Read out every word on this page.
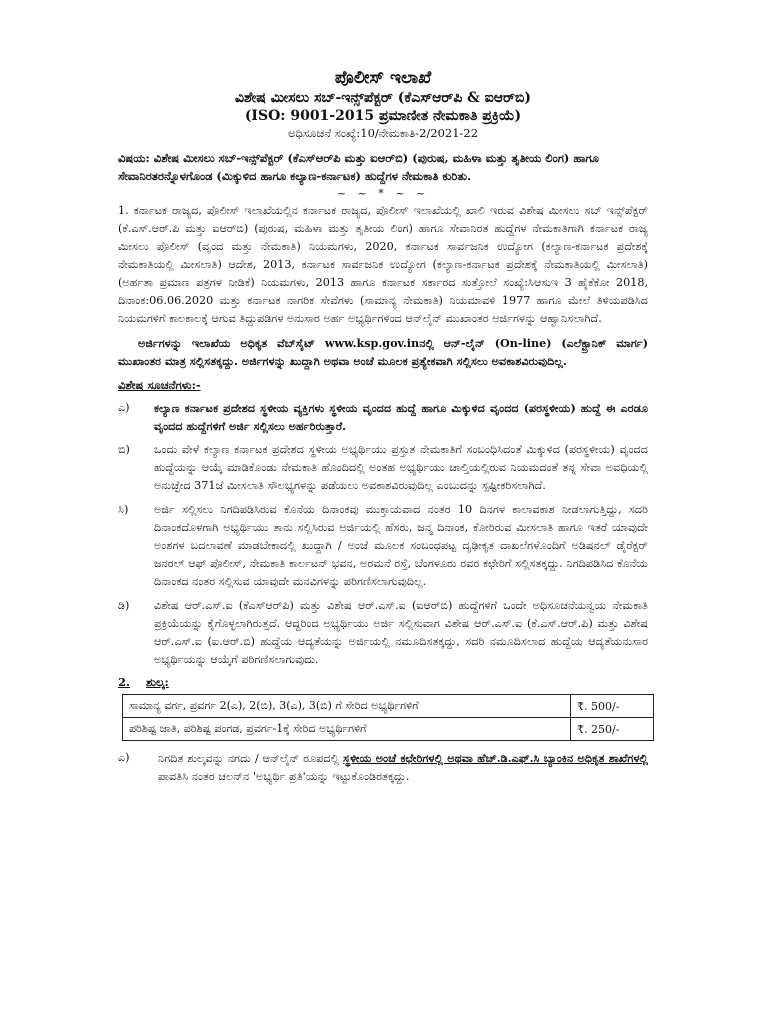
ಪೊಲೀಸ್ ಇಲಾಖೆ
ವಿಶೇಷ ಮೀಸಲು ಸಬ್-ಇನ್ಸ್‌ಪೆಕ್ಟರ್ (ಕೆಎಸ್‌ಆರ್‌ಪಿ & ಐಆರ್‌ಬಿ)
(ISO: 9001-2015 ಪ್ರಮಾಣೀತ ನೇಮಕಾತಿ ಪ್ರಕ್ರಿಯೆ)
ಅಧಿಸೂಚನೆ ಸಂಖ್ಯೆ:10/ನೇಮಕಾತಿ-2/2021-22

ವಿಷಯ: ವಿಶೇಷ ಮೀಸಲು ಸಬ್-ಇನ್ಸ್‌ಪೆಕ್ಟರ್ (ಕೆಎಸ್‌ಆರ್‌ಪಿ ಮತ್ತು ಐಆರ್‌ಬಿ) (ಪುರುಷ, ಮಹಿಳಾ ಮತ್ತು ತೃತೀಯ ಲಿಂಗ) ಹಾಗೂ ಸೇವಾನಿರತರನ್ನೊಳಗೊಂಡ (ಮಿಕ್ಕುಳಿದ ಹಾಗೂ ಕಲ್ಯಾಣ-ಕರ್ನಾಟಕ) ಹುದ್ದೆಗಳ ನೇಮಕಾತಿ ಕುರಿತು.

~ ~ * ~ ~

1. ಕರ್ನಾಟಕ ರಾಜ್ಯದ, ಪೊಲೀಸ್ ಇಲಾಖೆಯಲ್ಲಿನ ಕರ್ನಾಟಕ ರಾಜ್ಯದ, ಪೊಲೀಸ್ ಇಲಾಖೆಯಲ್ಲಿ ಖಾಲಿ ಇರುವ ವಿಶೇಷ ಮೀಸಲು ಸಬ್ ಇನ್ಸ್‌ಪೆಕ್ಟರ್ (ಕೆ.ಎಸ್.ಆರ್.ಪಿ ಮತ್ತು ಐಆರ್‌ಬಿ) (ಪುರುಷ, ಮಹಿಳಾ ಮತ್ತು ತೃತೀಯ ಲಿಂಗ) ಹಾಗೂ ಸೇವಾನಿರತ ಹುದ್ದೆಗಳ ನೇಮಕಾತಿಗಾಗಿ ಕರ್ನಾಟಕ ರಾಜ್ಯ ಮೀಸಲು ಪೊಲೀಸ್ (ವೃಂದ ಮತ್ತು ನೇಮಕಾತಿ) ನಿಯಮಗಳು, 2020, ಕರ್ನಾಟಕ ಸಾರ್ವಜನಿಕ ಉದ್ಯೋಗ (ಕಲ್ಯಾಣ-ಕರ್ನಾಟಕ ಪ್ರದೇಶಕ್ಕೆ ನೇಮಕಾತಿಯಲ್ಲಿ ಮೀಸಲಾತಿ) ಆದೇಶ, 2013, ಕರ್ನಾಟಕ ಸಾರ್ವಜನಿಕ ಉದ್ಯೋಗ (ಕಲ್ಯಾಣ-ಕರ್ನಾಟಕ ಪ್ರದೇಶಕ್ಕೆ ನೇಮಕಾತಿಯಲ್ಲಿ ಮೀಸಲಾತಿ) (ಅರ್ಹತಾ ಪ್ರಮಾಣ ಪತ್ರಗಳ ನೀಡಿಕೆ) ನಿಯಮಗಳು, 2013 ಹಾಗೂ ಕರ್ನಾಟಕ ಸರ್ಕಾರದ ಸುತ್ತೋಲೆ ಸಂಖ್ಯೆ:ಸಿಆಸುಇ 3 ಹೈಕೆಕೋ 2018, ದಿನಾಂಕ:06.06.2020 ಮತ್ತು ಕರ್ನಾಟಕ ನಾಗರಿಕ ಸೇವೆಗಳು (ಸಾಮಾನ್ಯ ನೇಮಕಾತಿ) ನಿಯಮಾವಳಿ 1977 ಹಾಗೂ ಮೇಲೆ ತಿಳಿಯಪಡಿಸಿದ ನಿಯಮಗಳಿಗೆ ಕಾಲಕಾಲಕ್ಕೆ ಆಗುವ ತಿದ್ದುಪಡಿಗಳ ಅನುಸಾರ ಅರ್ಹ ಅಭ್ಯರ್ಥಿಗಳಿಂದ ಆನ್‌ಲೈನ್ ಮುಖಾಂತರ ಅರ್ಜಿಗಳನ್ನು ಆಹ್ವಾನಿಸಲಾಗಿದೆ.

ಅರ್ಜಿಗಳನ್ನು ಇಲಾಖೆಯ ಅಧಿಕೃತ ವೆಬ್‌ಸೈಟ್ www.ksp.gov.inನಲ್ಲಿ ಆನ್-ಲೈನ್ (On-line) (ಎಲೆಕ್ಟ್ರಾನಿಕ್ ಮಾರ್ಗ) ಮುಖಾಂತರ ಮಾತ್ರ ಸಲ್ಲಿಸತಕ್ಕದ್ದು. ಅರ್ಜಿಗಳನ್ನು ಖುದ್ದಾಗಿ ಅಥವಾ ಅಂಚೆ ಮೂಲಕ ಪ್ರತ್ಯೇಕವಾಗಿ ಸಲ್ಲಿಸಲು ಅವಕಾಶವಿರುವುದಿಲ್ಲ.

ವಿಶೇಷ ಸೂಚನೆಗಳು:-
ಎ)	ಕಲ್ಯಾಣ ಕರ್ನಾಟಕ ಪ್ರದೇಶದ ಸ್ಥಳೀಯ ವ್ಯಕ್ತಿಗಳು ಸ್ಥಳೀಯ ವೃಂದದ ಹುದ್ದೆ ಹಾಗೂ ಮಿಕ್ಕುಳಿದ ವೃಂದದ (ಪರಸ್ಥಳೀಯ) ಹುದ್ದೆ ಈ ಎರಡೂ ವೃಂದದ ಹುದ್ದೆಗಳಿಗೆ ಅರ್ಜಿ ಸಲ್ಲಿಸಲು ಅರ್ಹರಿರುತ್ತಾರೆ.
ಬಿ)	ಒಂದು ವೇಳೆ ಕಲ್ಯಾಣ ಕರ್ನಾಟಕ ಪ್ರದೇಶದ ಸ್ಥಳೀಯ ಅಭ್ಯರ್ಥಿಯು ಪ್ರಸ್ತುತ ನೇಮಕಾತಿಗೆ ಸಂಬಂಧಿಸಿದಂತೆ ಮಿಕ್ಕುಳಿದ (ಪರಸ್ಥಳೀಯ) ವೃಂದದ ಹುದ್ದೆಯನ್ನು ಆಯ್ಕೆ ಮಾಡಿಕೊಂಡು ನೇಮಕಾತಿ ಹೊಂದಿದಲ್ಲಿ ಅಂತಹ ಅಭ್ಯರ್ಥಿಯು ಚಾಲ್ತಿಯಲ್ಲಿರುವ ನಿಯಮದಂತೆ ತನ್ನ ಸೇವಾ ಅವಧಿಯಲ್ಲಿ ಅನುಚ್ಛೇದ 371ಜೆ ಮೀಸಲಾತಿ ಸೌಲಭ್ಯಗಳನ್ನು ಪಡೆಯಲು ಅವಕಾಶವಿರುವುದಿಲ್ಲ ಎಂಬುದನ್ನು ಸ್ಪಷ್ಟೀಕರಿಸಲಾಗಿದೆ.
ಸಿ)	ಅರ್ಜಿ ಸಲ್ಲಿಸಲು ನಿಗದಿಪಡಿಸಿರುವ ಕೊನೆಯ ದಿನಾಂಕವು ಮುಕ್ತಾಯವಾದ ನಂತರ 10 ದಿನಗಳ ಕಾಲಾವಕಾಶ ನೀಡಲಾಗುತ್ತಿದ್ದು, ಸದರಿ ದಿನಾಂಕದೊಳಗಾಗಿ ಅಭ್ಯರ್ಥಿಯು ತಾನು ಸಲ್ಲಿಸಿರುವ ಅರ್ಜಿಯಲ್ಲಿ ಹೆಸರು, ಜನ್ಮ ದಿನಾಂಕ, ಕೋರಿರುವ ಮೀಸಲಾತಿ ಹಾಗೂ ಇತರೆ ಯಾವುದೇ ಅಂಶಗಳ ಬದಲಾವಣೆ ಮಾಡಬೇಕಾದಲ್ಲಿ ಖುದ್ದಾಗಿ / ಅಂಚೆ ಮೂಲಕ ಸಂಬಂಧಪಟ್ಟ ದೃಢೀಕೃತ ದಾಖಲೆಗಳೊಂದಿಗೆ ಅಡಿಷನಲ್ ಡೈರೆಕ್ಟರ್ ಜನರಲ್ ಆಫ್ ಪೊಲೀಸ್, ನೇಮಕಾತಿ ಕಾರ್ಲಟನ್ ಭವನ, ಅರಮನೆ ರಸ್ತೆ, ಬೆಂಗಳೂರು ರವರ ಕಛೇರಿಗೆ ಸಲ್ಲಿಸತಕ್ಕದ್ದು. ನಿಗದಿಪಡಿಸಿದ ಕೊನೆಯ ದಿನಾಂಕದ ನಂತರ ಸಲ್ಲಿಸುವ ಯಾವುದೇ ಮನವಿಗಳನ್ನು ಪರಿಗಣಿಸಲಾಗುವುದಿಲ್ಲ.
ಡಿ)	ವಿಶೇಷ ಆರ್.ಎಸ್.ಐ (ಕೆಎಸ್‌ಆರ್‌ಪಿ) ಮತ್ತು ವಿಶೇಷ ಆರ್.ಎಸ್.ಐ (ಐಆರ್‌ಬಿ) ಹುದ್ದೆಗಳಿಗೆ ಒಂದೇ ಅಧಿಸೂಚನೆಯನ್ವಯ ನೇಮಕಾತಿ ಪ್ರಕ್ರಿಯೆಯನ್ನು ಕೈಗೊಳ್ಳಲಾಗಿರುತ್ತದೆ. ಆದ್ದರಿಂದ ಅಭ್ಯರ್ಥಿಯು ಅರ್ಜಿ ಸಲ್ಲಿಸುವಾಗ ವಿಶೇಷ ಆರ್.ಎಸ್.ಐ (ಕೆ.ಎಸ್.ಆರ್.ಪಿ) ಮತ್ತು ವಿಶೇಷ ಆರ್.ಎಸ್.ಐ (ಐ.ಆರ್.ಬಿ) ಹುದ್ದೆಯ ಆದ್ಯತೆಯನ್ನು ಅರ್ಜಿಯಲ್ಲಿ ನಮೂದಿಸತಕ್ಕದ್ದು, ಸದರಿ ನಮೂದಿಸಲಾದ ಹುದ್ದೆಯ ಆದ್ಯತೆಯನುಸಾರ ಅಭ್ಯರ್ಥಿಯನ್ನು ಆಯ್ಕೆಗೆ ಪರಿಗಣಿಸಲಾಗುವುದು.
2.	ಶುಲ್ಕ:
ಸಾಮಾನ್ಯ ವರ್ಗ, ಪ್ರವರ್ಗ 2(ಎ), 2(ಬಿ), 3(ಎ), 3(ಬಿ) ಗೆ ಸೇರಿದ ಅಭ್ಯರ್ಥಿಗಳಿಗೆ	₹. 500/-
ಪರಿಶಿಷ್ಟ ಜಾತಿ, ಪರಿಶಿಷ್ಟ ಪಂಗಡ, ಪ್ರವರ್ಗ-1ಕ್ಕೆ ಸೇರಿದ ಅಭ್ಯರ್ಥಿಗಳಿಗೆ	₹. 250/-
ಎ)	ನಿಗದಿತ ಶುಲ್ಕವನ್ನು ನಗದು / ಆನ್‌ಲೈನ್ ರೂಪದಲ್ಲಿ ಸ್ಥಳೀಯ ಅಂಚೆ ಕಛೇರಿಗಳಲ್ಲಿ ಅಥವಾ ಹೆಚ್.ಡಿ.ಎಫ್.ಸಿ ಬ್ಯಾಂಕಿನ ಅಧಿಕೃತ ಶಾಖೆಗಳಲ್ಲಿ ಪಾವತಿಸಿ ನಂತರ ಚಲನ್‌ನ 'ಅಭ್ಯರ್ಥಿ ಪ್ರತಿ'ಯನ್ನು ಇಟ್ಟುಕೊಂಡಿರತಕ್ಕದ್ದು.
